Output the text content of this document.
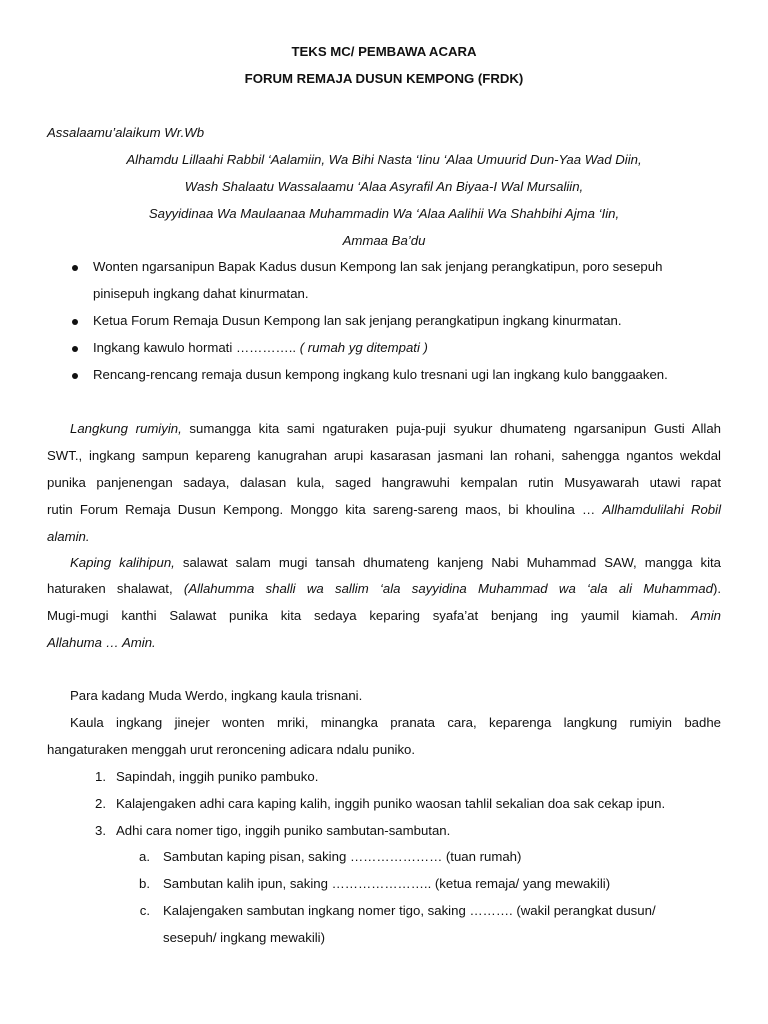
TEKS MC/ PEMBAWA ACARA
FORUM REMAJA DUSUN KEMPONG (FRDK)
Assalaamu’alaikum Wr.Wb
Alhamdu Lillaahi Rabbil ‘Aalamiin, Wa Bihi Nasta ‘Iinu ‘Alaa Umuurid Dun-Yaa Wad Diin,
Wash Shalaatu Wassalaamu ‘Alaa Asyrafil An Biyaa-I Wal Mursaliin,
Sayyidinaa Wa Maulaanaa Muhammadin Wa ‘Alaa Aalihii Wa Shahbihi Ajma ‘Iin,
Ammaa Ba’du
Wonten ngarsanipun Bapak Kadus dusun Kempong lan sak jenjang perangkatipun, poro sesepuh
pinisepuh ingkang dahat kinurmatan.
Ketua Forum Remaja Dusun Kempong lan sak jenjang perangkatipun ingkang kinurmatan.
Ingkang kawulo hormati ………….. ( rumah yg ditempati )
Rencang-rencang remaja dusun kempong ingkang kulo tresnani ugi lan ingkang kulo banggaaken.
Langkung rumiyin, sumangga kita sami ngaturaken puja-puji syukur dhumateng ngarsanipun Gusti Allah
SWT., ingkang sampun kepareng kanugrahan arupi kasarasan jasmani lan rohani, sahengga ngantos wekdal
punika panjenengan sadaya, dalasan kula, saged hangrawuhi kempalan rutin Musyawarah utawi rapat
rutin Forum Remaja Dusun Kempong. Monggo kita sareng-sareng maos, bi khoulina … Allhamdulilahi Robil
alamin.
Kaping kalihipun, salawat salam mugi tansah dhumateng kanjeng Nabi Muhammad SAW, mangga kita
haturaken shalawat, (Allahumma shalli wa sallim ‘ala sayyidina Muhammad wa ‘ala ali Muhammad).
Mugi-mugi kanthi Salawat punika kita sedaya keparing syafa’at benjang ing yaumil kiamah. Amin
Allahuma … Amin.
Para kadang Muda Werdo, ingkang kaula trisnani.
Kaula ingkang jinejer wonten mriki, minangka pranata cara, keparenga langkung rumiyin badhe
hangaturaken menggah urut reroncening adicara ndalu puniko.
1. Sapindah, inggih puniko pambuko.
2. Kalajengaken adhi cara kaping kalih, inggih puniko waosan tahlil sekalian doa sak cekap ipun.
3. Adhi cara nomer tigo, inggih puniko sambutan-sambutan.
a. Sambutan kaping pisan, saking ………………… (tuan rumah)
b. Sambutan kalih ipun, saking ………………….. (ketua remaja/ yang mewakili)
c. Kalajengaken sambutan ingkang nomer tigo, saking ………. (wakil perangkat dusun/
sesepuh/ ingkang mewakili)
